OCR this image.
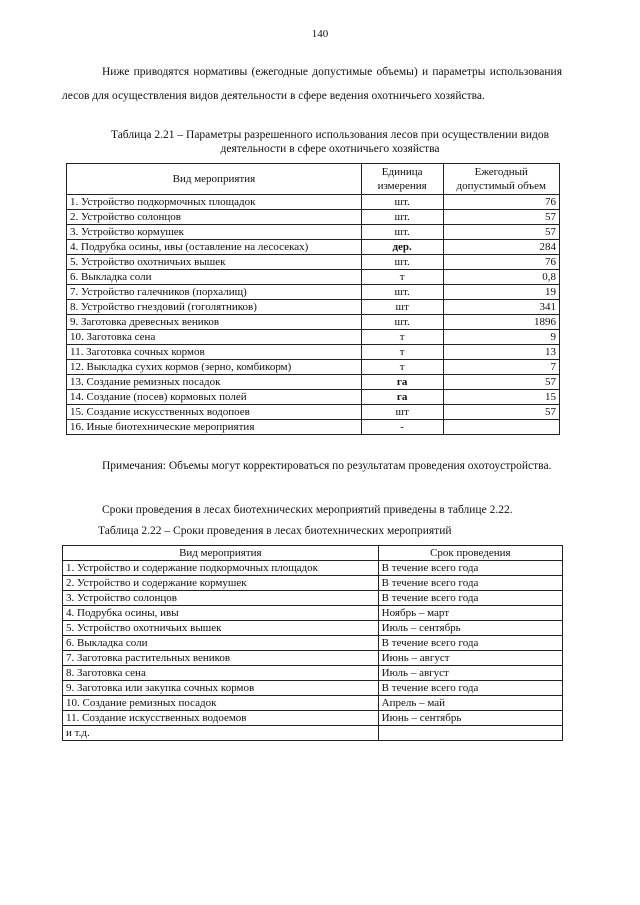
140
Ниже приводятся нормативы (ежегодные допустимые объемы) и параметры использования лесов для осуществления видов деятельности в сфере ведения охотничьего хозяйства.
Таблица 2.21 – Параметры разрешенного использования лесов при осуществлении видов деятельности в сфере охотничьего хозяйства
Вид мероприятия	Единица измерения	Ежегодный допустимый объем
1. Устройство подкормочных площадок	шт.	76
2. Устройство солонцов	шт.	57
3. Устройство кормушек	шт.	57
4. Подрубка осины, ивы (оставление на лесосеках)	дер.	284
5. Устройство охотничьих вышек	шт.	76
6. Выкладка соли	т	0,8
7. Устройство галечников (порхалищ)	шт.	19
8. Устройство гнездовий (гоголятников)	шт	341
9. Заготовка древесных веников	шт.	1896
10. Заготовка сена	т	9
11. Заготовка сочных кормов	т	13
12. Выкладка сухих кормов (зерно, комбикорм)	т	7
13. Создание ремизных посадок	га	57
14. Создание (посев) кормовых полей	га	15
15. Создание искусственных водопоев	шт	57
16. Иные биотехнические мероприятия	-	
Примечания: Объемы могут корректироваться по результатам проведения охотоустройства.
Сроки проведения в лесах биотехнических мероприятий приведены в таблице 2.22.
Таблица 2.22 – Сроки проведения в лесах биотехнических мероприятий
Вид мероприятия	Срок проведения
1. Устройство и содержание подкормочных площадок	В течение всего года
2. Устройство и содержание кормушек	В течение всего года
3. Устройство солонцов	В течение всего года
4. Подрубка осины, ивы	Ноябрь – март
5. Устройство охотничьих вышек	Июль – сентябрь
6. Выкладка соли	В течение всего года
7. Заготовка растительных веников	Июнь – август
8. Заготовка сена	Июль – август
9. Заготовка или закупка сочных кормов	В течение всего года
10. Создание ремизных посадок	Апрель – май
11. Создание искусственных водоемов	Июнь – сентябрь
и т.д.	
